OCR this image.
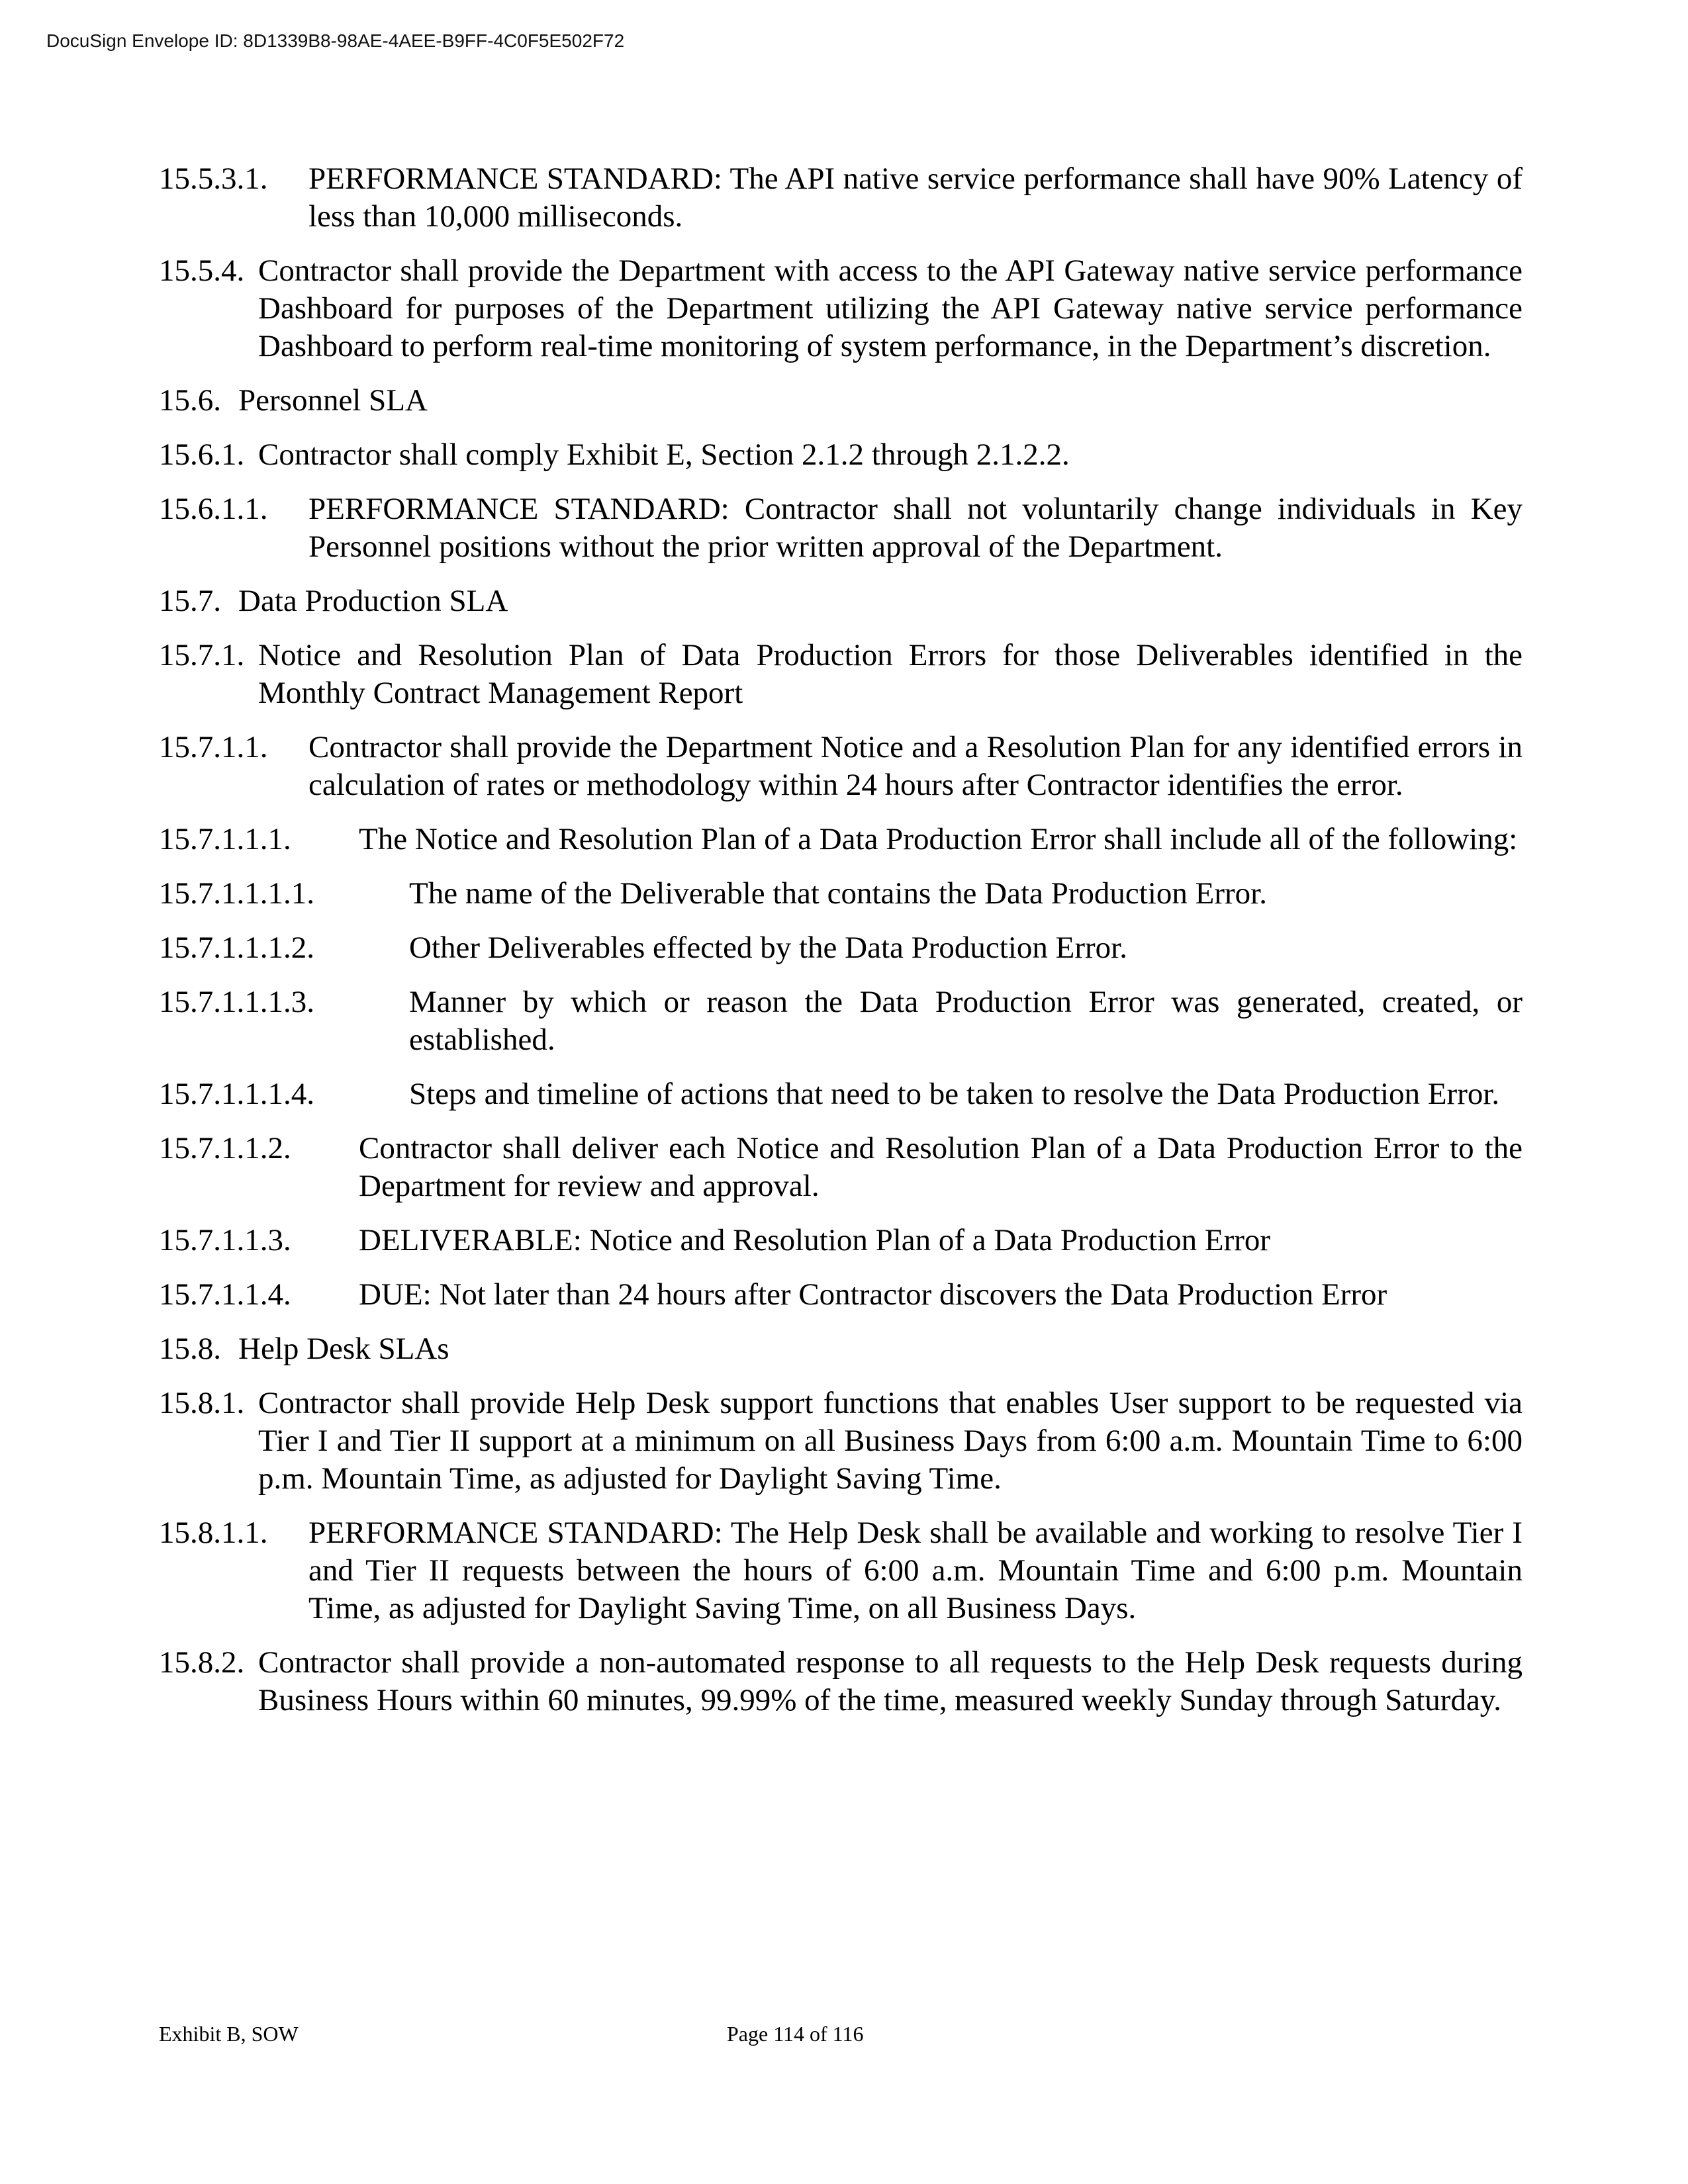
DocuSign Envelope ID: 8D1339B8-98AE-4AEE-B9FF-4C0F5E502F72
15.5.3.1. PERFORMANCE STANDARD: The API native service performance shall have 90% Latency of less than 10,000 milliseconds.
15.5.4. Contractor shall provide the Department with access to the API Gateway native service performance Dashboard for purposes of the Department utilizing the API Gateway native service performance Dashboard to perform real-time monitoring of system performance, in the Department’s discretion.
15.6. Personnel SLA
15.6.1. Contractor shall comply Exhibit E, Section 2.1.2 through 2.1.2.2.
15.6.1.1. PERFORMANCE STANDARD: Contractor shall not voluntarily change individuals in Key Personnel positions without the prior written approval of the Department.
15.7. Data Production SLA
15.7.1. Notice and Resolution Plan of Data Production Errors for those Deliverables identified in the Monthly Contract Management Report
15.7.1.1. Contractor shall provide the Department Notice and a Resolution Plan for any identified errors in calculation of rates or methodology within 24 hours after Contractor identifies the error.
15.7.1.1.1. The Notice and Resolution Plan of a Data Production Error shall include all of the following:
15.7.1.1.1.1.	The name of the Deliverable that contains the Data Production Error.
15.7.1.1.1.2.	Other Deliverables effected by the Data Production Error.
15.7.1.1.1.3.	Manner by which or reason the Data Production Error was generated, created, or established.
15.7.1.1.1.4.	Steps and timeline of actions that need to be taken to resolve the Data Production Error.
15.7.1.1.2. Contractor shall deliver each Notice and Resolution Plan of a Data Production Error to the Department for review and approval.
15.7.1.1.3. DELIVERABLE: Notice and Resolution Plan of a Data Production Error
15.7.1.1.4. DUE: Not later than 24 hours after Contractor discovers the Data Production Error
15.8. Help Desk SLAs
15.8.1. Contractor shall provide Help Desk support functions that enables User support to be requested via Tier I and Tier II support at a minimum on all Business Days from 6:00 a.m. Mountain Time to 6:00 p.m. Mountain Time, as adjusted for Daylight Saving Time.
15.8.1.1. PERFORMANCE STANDARD: The Help Desk shall be available and working to resolve Tier I and Tier II requests between the hours of 6:00 a.m. Mountain Time and 6:00 p.m. Mountain Time, as adjusted for Daylight Saving Time, on all Business Days.
15.8.2. Contractor shall provide a non-automated response to all requests to the Help Desk requests during Business Hours within 60 minutes, 99.99% of the time, measured weekly Sunday through Saturday.
Exhibit B, SOW	Page 114 of 116
